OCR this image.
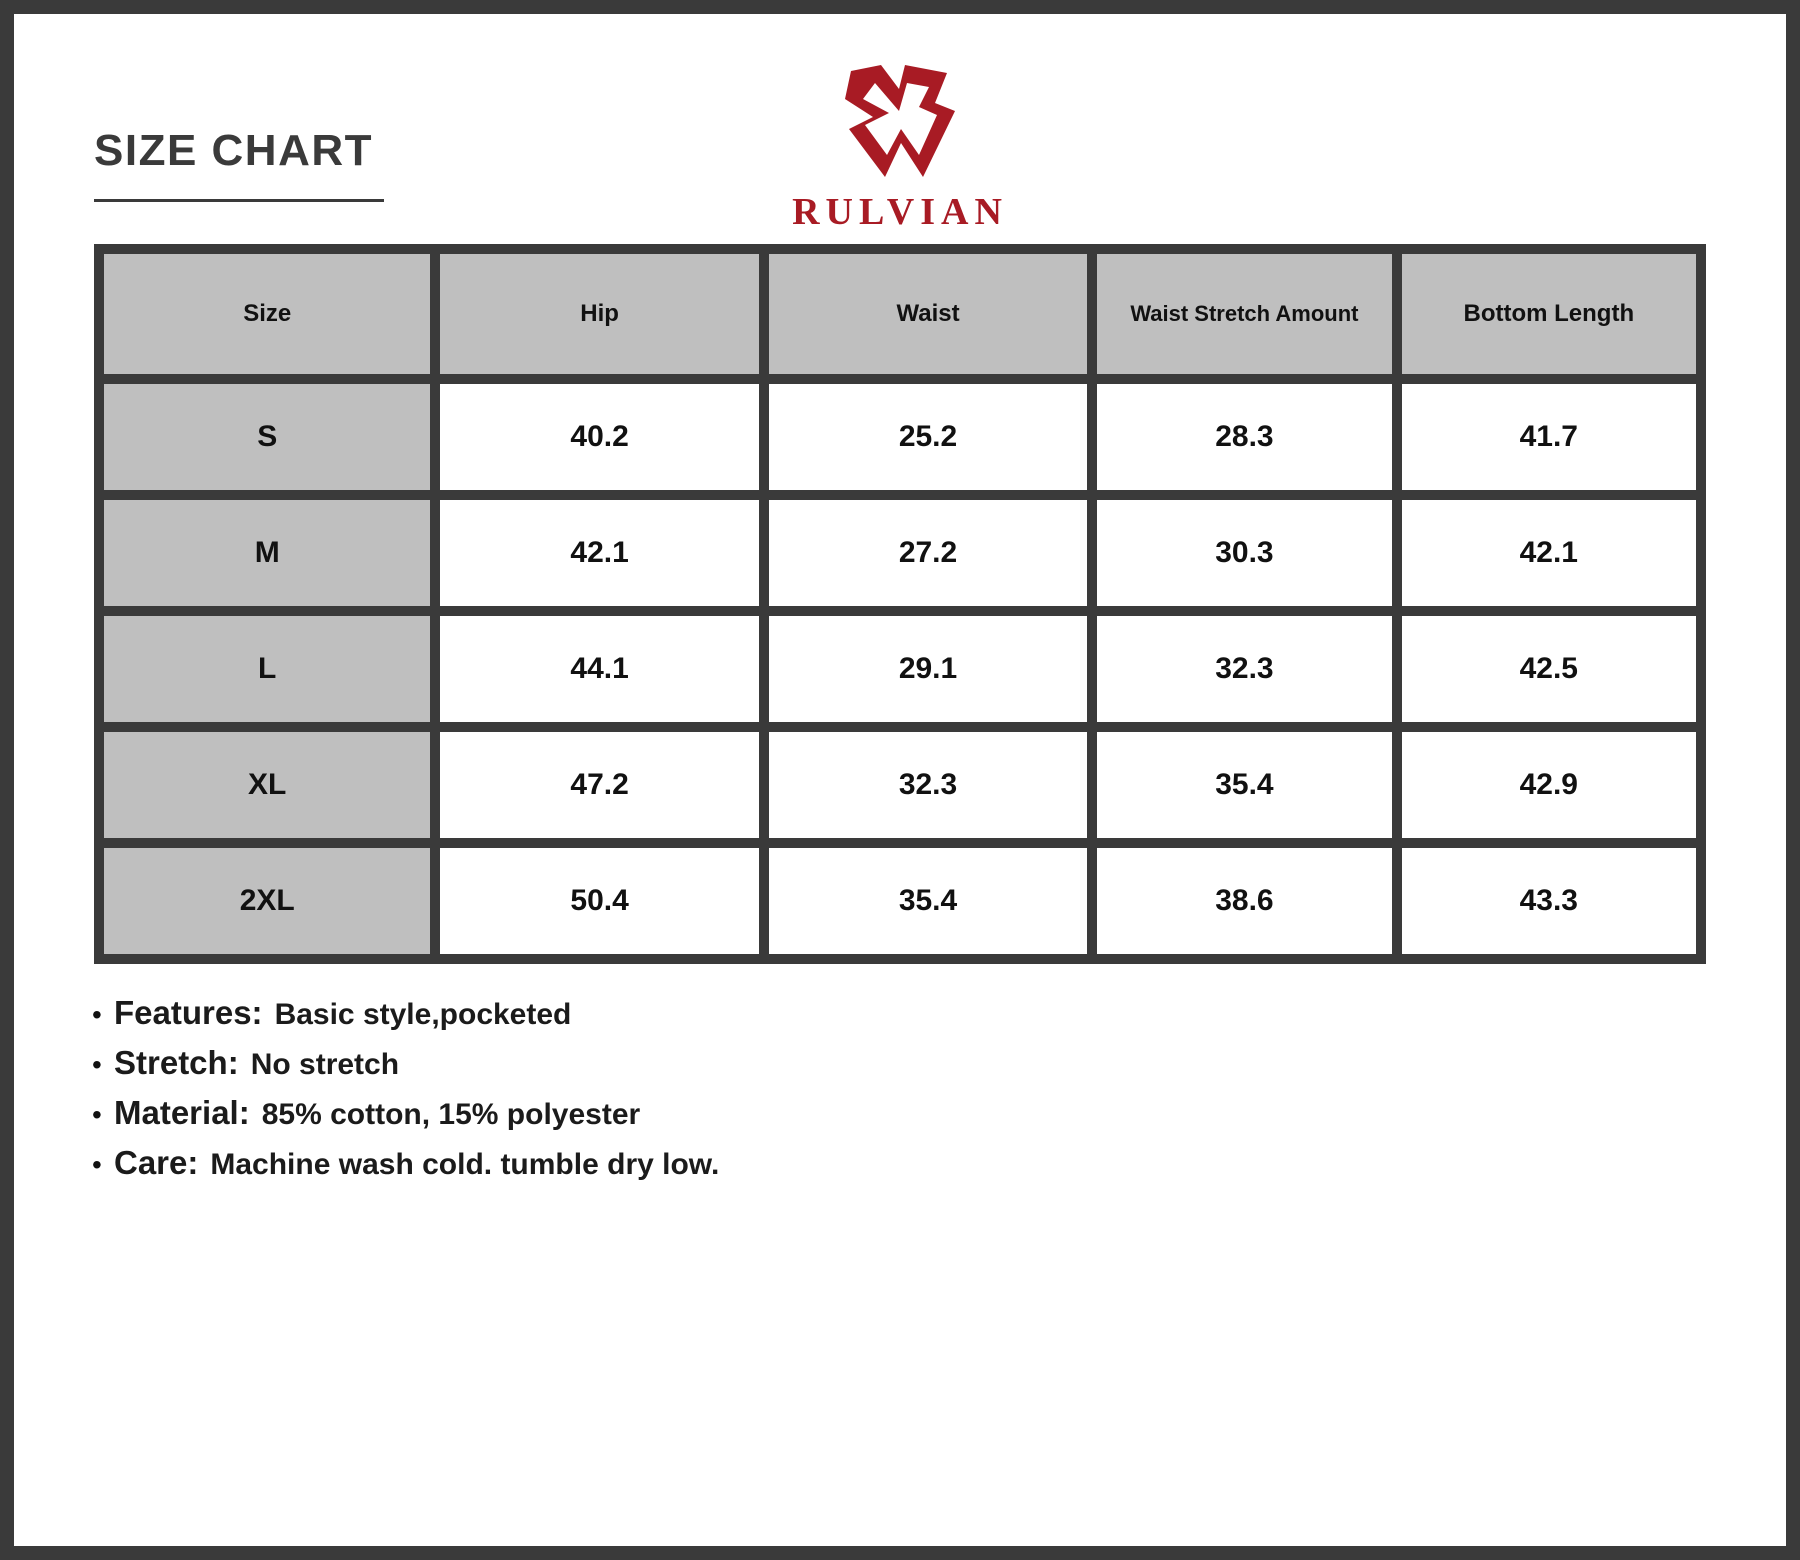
SIZE CHART
RULVIAN
Size	Hip	Waist	Waist Stretch Amount	Bottom Length
S	40.2	25.2	28.3	41.7
M	42.1	27.2	30.3	42.1
L	44.1	29.1	32.3	42.5
XL	47.2	32.3	35.4	42.9
2XL	50.4	35.4	38.6	43.3
• Features: Basic style,pocketed
• Stretch: No stretch
• Material: 85% cotton, 15% polyester
• Care: Machine wash cold. tumble dry low.
